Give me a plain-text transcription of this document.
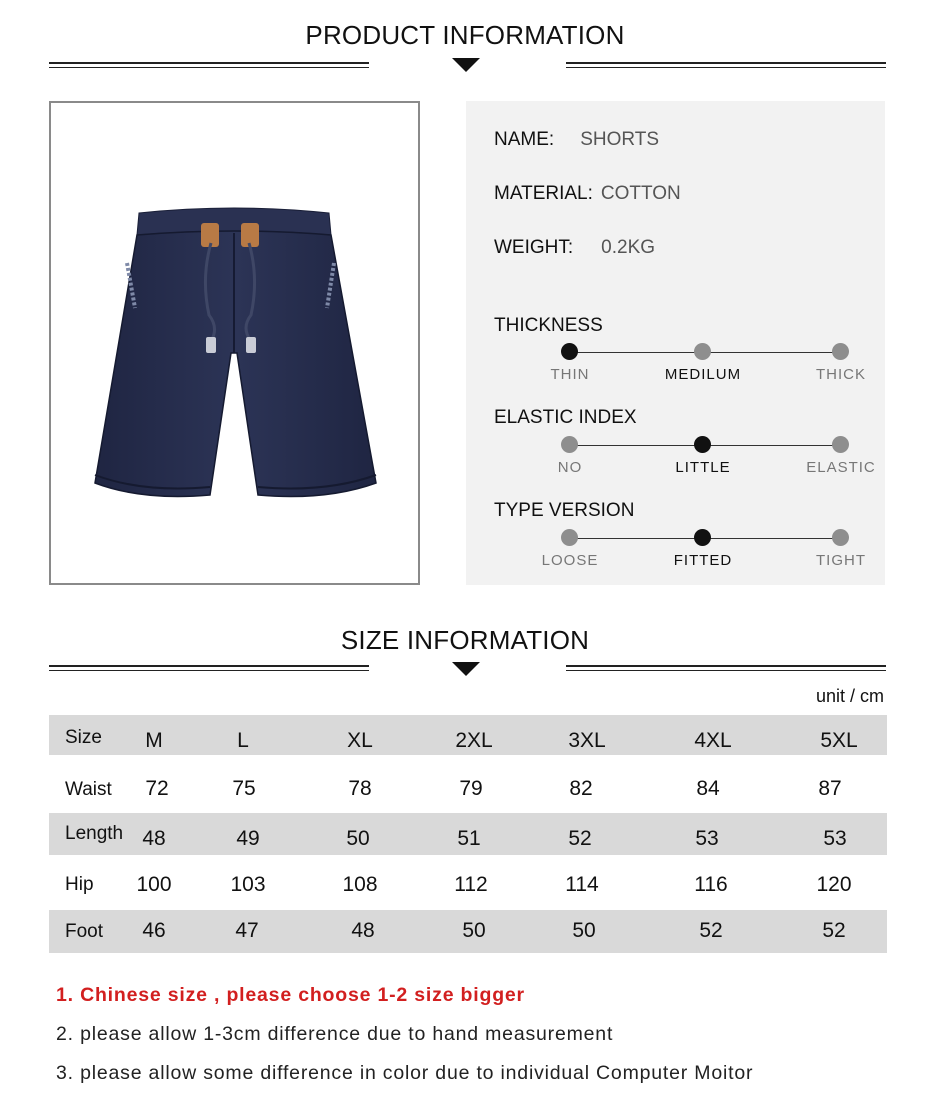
PRODUCT INFORMATION
NAME: SHORTS
MATERIAL: COTTON
WEIGHT: 0.2KG
THICKNESS
THIN	MEDILUM	THICK
ELASTIC INDEX
NO	LITTLE	ELASTIC
TYPE VERSION
LOOSE	FITTED	TIGHT
SIZE INFORMATION
unit / cm
Size	M	L	XL	2XL	3XL	4XL	5XL
Waist	72	75	78	79	82	84	87
Length 48	49	50	51	52	53	53
Hip	100	103	108	112	114	116	120
Foot	46	47	48	50	50	52	52
1. Chinese size , please choose 1-2 size bigger
2. please allow 1-3cm difference due to hand measurement
3. please allow some difference in color due to individual Computer Moitor
